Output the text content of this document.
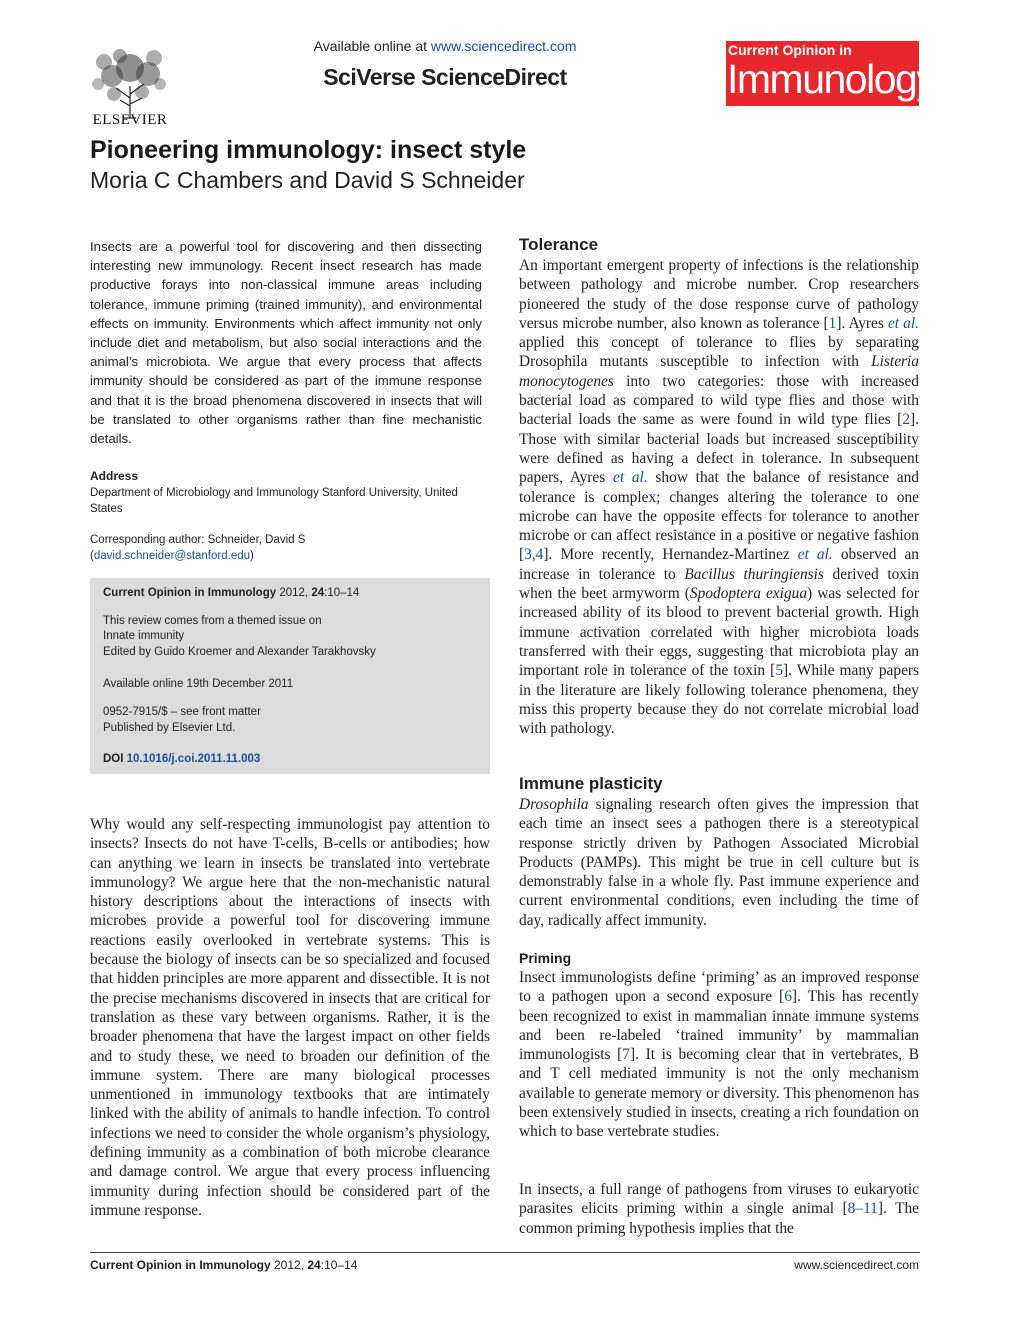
ELSEVIER
Available online at www.sciencedirect.com
SciVerse ScienceDirect
Current Opinion in
Immunology
Pioneering immunology: insect style
Moria C Chambers and David S Schneider
Insects are a powerful tool for discovering and then dissecting interesting new immunology. Recent insect research has made productive forays into non-classical immune areas including tolerance, immune priming (trained immunity), and environmental effects on immunity. Environments which affect immunity not only include diet and metabolism, but also social interactions and the animal’s microbiota. We argue that every process that affects immunity should be considered as part of the immune response and that it is the broad phenomena discovered in insects that will be translated to other organisms rather than fine mechanistic details.
Address
Department of Microbiology and Immunology Stanford University, United States
Corresponding author: Schneider, David S
(david.schneider@stanford.edu)
Current Opinion in Immunology 2012, 24:10–14
This review comes from a themed issue on
Innate immunity
Edited by Guido Kroemer and Alexander Tarakhovsky
Available online 19th December 2011
0952-7915/$ – see front matter
Published by Elsevier Ltd.
DOI 10.1016/j.coi.2011.11.003
Why would any self-respecting immunologist pay attention to insects? Insects do not have T-cells, B-cells or antibodies; how can anything we learn in insects be translated into vertebrate immunology? We argue here that the non-mechanistic natural history descriptions about the interactions of insects with microbes provide a powerful tool for discovering immune reactions easily overlooked in vertebrate systems. This is because the biology of insects can be so specialized and focused that hidden principles are more apparent and dissectible. It is not the precise mechanisms discovered in insects that are critical for translation as these vary between organisms. Rather, it is the broader phenomena that have the largest impact on other fields and to study these, we need to broaden our definition of the immune system. There are many biological processes unmentioned in immunology textbooks that are intimately linked with the ability of animals to handle infection. To control infections we need to consider the whole organism’s physiology, defining immunity as a combination of both microbe clearance and damage control. We argue that every process influencing immunity during infection should be considered part of the immune response.
Tolerance
An important emergent property of infections is the relationship between pathology and microbe number. Crop researchers pioneered the study of the dose response curve of pathology versus microbe number, also known as tolerance [1]. Ayres et al. applied this concept of tolerance to flies by separating Drosophila mutants susceptible to infection with Listeria monocytogenes into two categories: those with increased bacterial load as compared to wild type flies and those with bacterial loads the same as were found in wild type flies [2]. Those with similar bacterial loads but increased susceptibility were defined as having a defect in tolerance. In subsequent papers, Ayres et al. show that the balance of resistance and tolerance is complex; changes altering the tolerance to one microbe can have the opposite effects for tolerance to another microbe or can affect resistance in a positive or negative fashion [3,4]. More recently, Hernandez-Martinez et al. observed an increase in tolerance to Bacillus thuringiensis derived toxin when the beet armyworm (Spodoptera exigua) was selected for increased ability of its blood to prevent bacterial growth. High immune activation correlated with higher microbiota loads transferred with their eggs, suggesting that microbiota play an important role in tolerance of the toxin [5]. While many papers in the literature are likely following tolerance phenomena, they miss this property because they do not correlate microbial load with pathology.
Immune plasticity
Drosophila signaling research often gives the impression that each time an insect sees a pathogen there is a stereotypical response strictly driven by Pathogen Associated Microbial Products (PAMPs). This might be true in cell culture but is demonstrably false in a whole fly. Past immune experience and current environmental conditions, even including the time of day, radically affect immunity.
Priming
Insect immunologists define ‘priming’ as an improved response to a pathogen upon a second exposure [6]. This has recently been recognized to exist in mammalian innate immune systems and been re-labeled ‘trained immunity’ by mammalian immunologists [7]. It is becoming clear that in vertebrates, B and T cell mediated immunity is not the only mechanism available to generate memory or diversity. This phenomenon has been extensively studied in insects, creating a rich foundation on which to base vertebrate studies.
In insects, a full range of pathogens from viruses to eukaryotic parasites elicits priming within a single animal [8–11]. The common priming hypothesis implies that the
Current Opinion in Immunology 2012, 24:10–14	www.sciencedirect.com
